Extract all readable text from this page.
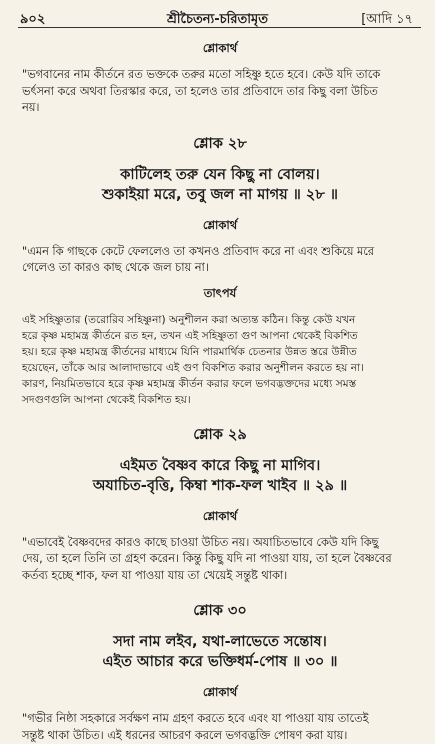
৯০২	শ্রীচৈতন্য-চরিতামৃত	[আদি ১৭

শ্লোকার্থ

"ভগবানের নাম কীর্তনে রত ভক্তকে তরুর মতো সহিষ্ণু হতে হবে। কেউ যদি তাকে

ভর্ৎসনা করে অথবা তিরস্কার করে, তা হলেও তার প্রতিবাদে তার কিছু বলা উচিত

নয়।

শ্লোক ২৮

কাটিলেহ তরু যেন কিছু না বোলয়।

শুকাইয়া মরে, তবু জল না মাগয় ॥ ২৮ ॥

শ্লোকার্থ

"এমন কি গাছকে কেটে ফেললেও তা কখনও প্রতিবাদ করে না এবং শুকিয়ে মরে

গেলেও তা কারও কাছ থেকে জল চায় না।

তাৎপর্য

এই সহিষ্ণুতার (তরোরিব সহিষ্ণুনা) অনুশীলন করা অত্যন্ত কঠিন। কিন্তু কেউ যখন

হরে কৃষ্ণ মহামন্ত্র কীর্তনে রত হন, তখন এই সহিষ্ণুতা গুণ আপনা থেকেই বিকশিত

হয়। হরে কৃষ্ণ মহামন্ত্র কীর্তনের মাধ্যমে যিনি পারমার্থিক চেতনার উন্নত স্তরে উন্নীত

হয়েছেন, তাঁকে আর আলাদাভাবে এই গুণ বিকশিত করার অনুশীলন করতে হয় না।

কারণ, নিয়মিতভাবে হরে কৃষ্ণ মহামন্ত্র কীর্তন করার ফলে ভগবদ্ভক্তদের মধ্যে সমস্ত

সদগুণগুলি আপনা থেকেই বিকশিত হয়।

শ্লোক ২৯

এইমত বৈষ্ণব কারে কিছু না মাগিব।

অযাচিত-বৃত্তি, কিম্বা শাক-ফল খাইব ॥ ২৯ ॥

শ্লোকার্থ

"এভাবেই বৈষ্ণবদের কারও কাছে চাওয়া উচিত নয়। অযাচিতভাবে কেউ যদি কিছু

দেয়, তা হলে তিনি তা গ্রহণ করেন। কিন্তু কিছু যদি না পাওয়া যায়, তা হলে বৈষ্ণবের

কর্তব্য হচ্ছে শাক, ফল যা পাওয়া যায় তা খেয়েই সন্তুষ্ট থাকা।

শ্লোক ৩০

সদা নাম লইব, যথা-লাভেতে সন্তোষ।

এইত আচার করে ভক্তিধর্ম-পোষ ॥ ৩০ ॥

শ্লোকার্থ

"গভীর নিষ্ঠা সহকারে সর্বক্ষণ নাম গ্রহণ করতে হবে এবং যা পাওয়া যায় তাতেই

সন্তুষ্ট থাকা উচিত। এই ধরনের আচরণ করলে ভগবদ্ভক্তি পোষণ করা যায়।
